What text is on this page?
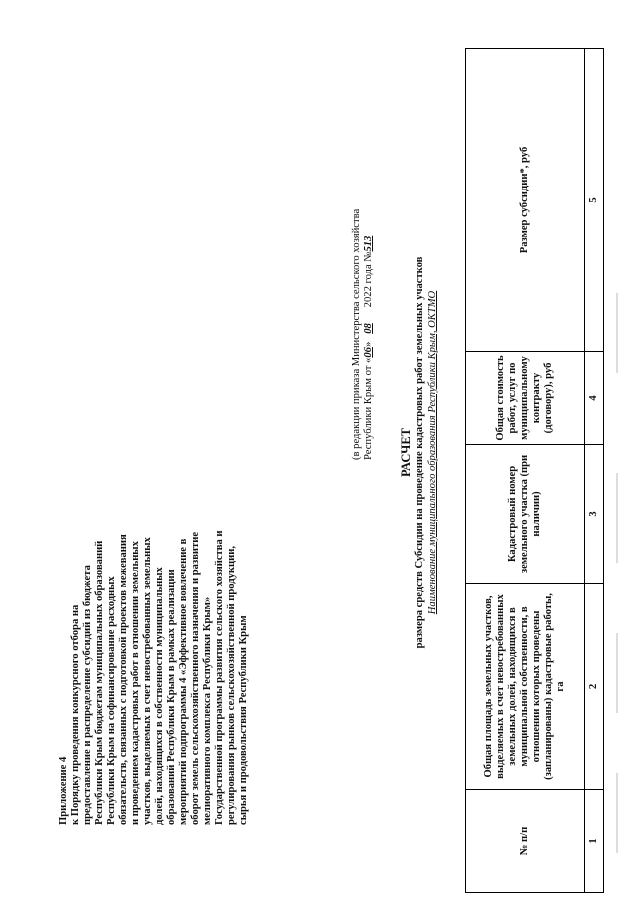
Приложение 4 к Порядку проведения конкурсного отбора на предоставление и распределение субсидий из бюджета Республики Крым бюджетам муниципальных образований Республики Крым на софинансирование расходных обязательств, связанных с подготовкой проектов межевания и проведением кадастровых работ в отношении земельных участков, выделяемых в счет невостребованных земельных долей, находящихся в собственности муниципальных образований Республики Крым в рамках реализации мероприятий подпрограммы 4 «Эффективное вовлечение в оборот земель сельскохозяйственного назначения и развитие мелиоративного комплекса Республики Крым» Государственной программы развития сельского хозяйства и регулирования рынков сельскохозяйственной продукции, сырья и продовольствия Республики Крым
(в редакции приказа Министерства сельского хозяйства Республики Крым от «06»   08      2022 года №513
РАСЧЕТ размера средств Субсидии на проведение кадастровых работ земельных участков Наименование муниципального образования Республики Крым, ОКТМО
№ п/п	Общая площадь земельных участков, выделяемых в счет невостребованных земельных долей, находящихся в муниципальной собственности, в отношении которых проведены (запланированы) кадастровые работы, га	Кадастровый номер земельного участка (при наличии)	Общая стоимость работ, услуг по муниципальному контракту (договору), руб	Размер субсидии*, руб
1	2	3	4	5
